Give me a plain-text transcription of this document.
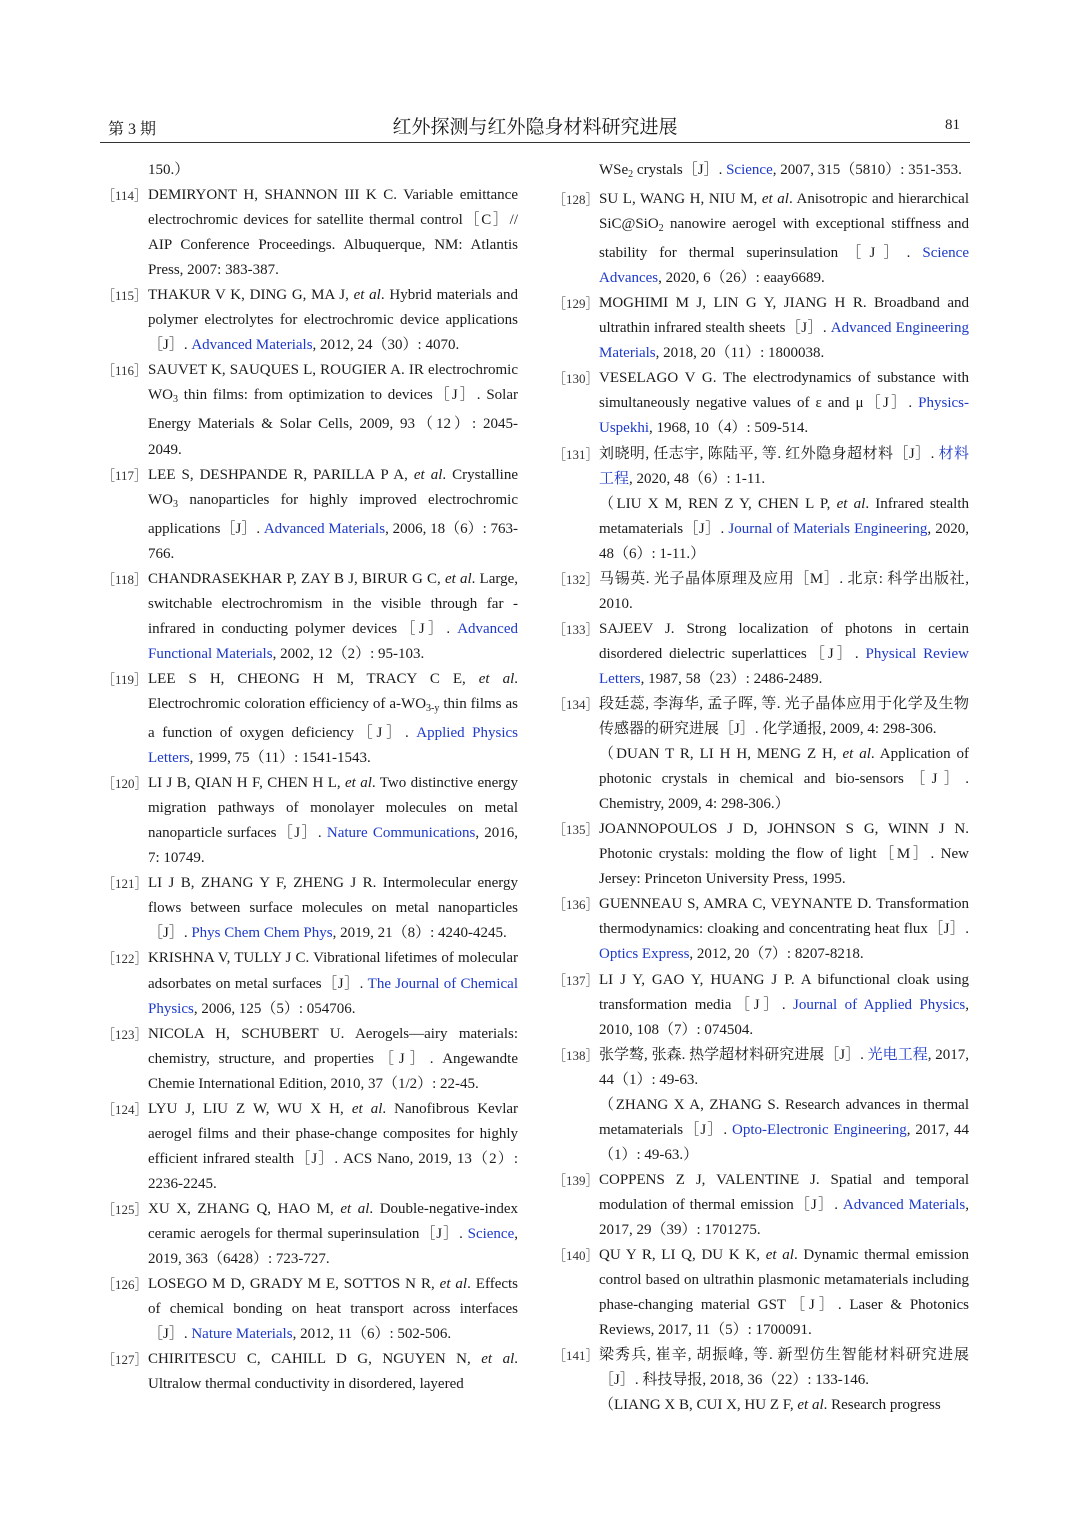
第 3 期	红外探测与红外隐身材料研究进展	81
150.）
［114］ DEMIRYONT H, SHANNON III K C. Variable emittance electrochromic devices for satellite thermal control［C］// AIP Conference Proceedings. Albuquerque, NM: Atlantis Press, 2007: 383-387.
［115］ THAKUR V K, DING G, MA J, et al. Hybrid materials and polymer electrolytes for electrochromic device applications［J］. Advanced Materials, 2012, 24（30）: 4070.
［116］ SAUVET K, SAUQUES L, ROUGIER A. IR electrochromic $WO_3$ thin films: from optimization to devices［J］. Solar Energy Materials & Solar Cells, 2009, 93（12）: 2045-2049.
［117］ LEE S, DESHPANDE R, PARILLA P A, et al. Crystalline $WO_3$ nanoparticles for highly improved electrochromic applications［J］. Advanced Materials, 2006, 18（6）: 763-766.
［118］ CHANDRASEKHAR P, ZAY B J, BIRUR G C, et al. Large, switchable electrochromism in the visible through far - infrared in conducting polymer devices［J］. Advanced Functional Materials, 2002, 12（2）: 95-103.
［119］ LEE S H, CHEONG H M, TRACY C E, et al. Electrochromic coloration efficiency of $a-WO_{3-y}$ thin films as a function of oxygen deficiency［J］. Applied Physics Letters, 1999, 75（11）: 1541-1543.
［120］ LI J B, QIAN H F, CHEN H L, et al. Two distinctive energy migration pathways of monolayer molecules on metal nanoparticle surfaces［J］. Nature Communications, 2016, 7: 10749.
［121］ LI J B, ZHANG Y F, ZHENG J R. Intermolecular energy flows between surface molecules on metal nanoparticles［J］. Phys Chem Chem Phys, 2019, 21（8）: 4240-4245.
［122］ KRISHNA V, TULLY J C. Vibrational lifetimes of molecular adsorbates on metal surfaces［J］. The Journal of Chemical Physics, 2006, 125（5）: 054706.
［123］ NICOLA H, SCHUBERT U. Aerogels—airy materials: chemistry, structure, and properties［J］. Angewandte Chemie International Edition, 2010, 37（1/2）: 22-45.
［124］ LYU J, LIU Z W, WU X H, et al. Nanofibrous Kevlar aerogel films and their phase-change composites for highly efficient infrared stealth［J］. ACS Nano, 2019, 13（2）: 2236-2245.
［125］ XU X, ZHANG Q, HAO M, et al. Double-negative-index ceramic aerogels for thermal superinsulation［J］. Science, 2019, 363（6428）: 723-727.
［126］ LOSEGO M D, GRADY M E, SOTTOS N R, et al. Effects of chemical bonding on heat transport across interfaces［J］. Nature Materials, 2012, 11（6）: 502-506.
［127］ CHIRITESCU C, CAHILL D G, NGUYEN N, et al. Ultralow thermal conductivity in disordered, layered
WSe$_2$ crystals［J］. Science, 2007, 315（5810）: 351-353.
［128］ SU L, WANG H, NIU M, et al. Anisotropic and hierarchical SiC@SiO$_2$ nanowire aerogel with exceptional stiffness and stability for thermal superinsulation［J］. Science Advances, 2020, 6（26）: eaay6689.
［129］ MOGHIMI M J, LIN G Y, JIANG H R. Broadband and ultrathin infrared stealth sheets［J］. Advanced Engineering Materials, 2018, 20（11）: 1800038.
［130］ VESELAGO V G. The electrodynamics of substance with simultaneously negative values of ε and μ［J］. Physics-Uspekhi, 1968, 10（4）: 509-514.
［131］ 刘晓明, 任志宇, 陈陆平, 等. 红外隐身超材料［J］. 材料工程, 2020, 48（6）: 1-11.
（LIU X M, REN Z Y, CHEN L P, et al. Infrared stealth metamaterials［J］. Journal of Materials Engineering, 2020, 48（6）: 1-11.）
［132］ 马锡英. 光子晶体原理及应用［M］. 北京: 科学出版社, 2010.
［133］ SAJEEV J. Strong localization of photons in certain disordered dielectric superlattices［J］. Physical Review Letters, 1987, 58（23）: 2486-2489.
［134］ 段廷蕊, 李海华, 孟子晖, 等. 光子晶体应用于化学及生物传感器的研究进展［J］. 化学通报, 2009, 4: 298-306.
（DUAN T R, LI H H, MENG Z H, et al. Application of photonic crystals in chemical and bio-sensors［J］. Chemistry, 2009, 4: 298-306.）
［135］ JOANNOPOULOS J D, JOHNSON S G, WINN J N. Photonic crystals: molding the flow of light［M］. New Jersey: Princeton University Press, 1995.
［136］ GUENNEAU S, AMRA C, VEYNANTE D. Transformation thermodynamics: cloaking and concentrating heat flux［J］. Optics Express, 2012, 20（7）: 8207-8218.
［137］ LI J Y, GAO Y, HUANG J P. A bifunctional cloak using transformation media［J］. Journal of Applied Physics, 2010, 108（7）: 074504.
［138］ 张学骜, 张森. 热学超材料研究进展［J］. 光电工程, 2017, 44（1）: 49-63.
（ZHANG X A, ZHANG S. Research advances in thermal metamaterials［J］. Opto-Electronic Engineering, 2017, 44（1）: 49-63.）
［139］ COPPENS Z J, VALENTINE J. Spatial and temporal modulation of thermal emission［J］. Advanced Materials, 2017, 29（39）: 1701275.
［140］ QU Y R, LI Q, DU K K, et al. Dynamic thermal emission control based on ultrathin plasmonic metamaterials including phase-changing material GST［J］. Laser & Photonics Reviews, 2017, 11（5）: 1700091.
［141］ 梁秀兵, 崔辛, 胡振峰, 等. 新型仿生智能材料研究进展［J］. 科技导报, 2018, 36（22）: 133-146.
（LIANG X B, CUI X, HU Z F, et al. Research progress
